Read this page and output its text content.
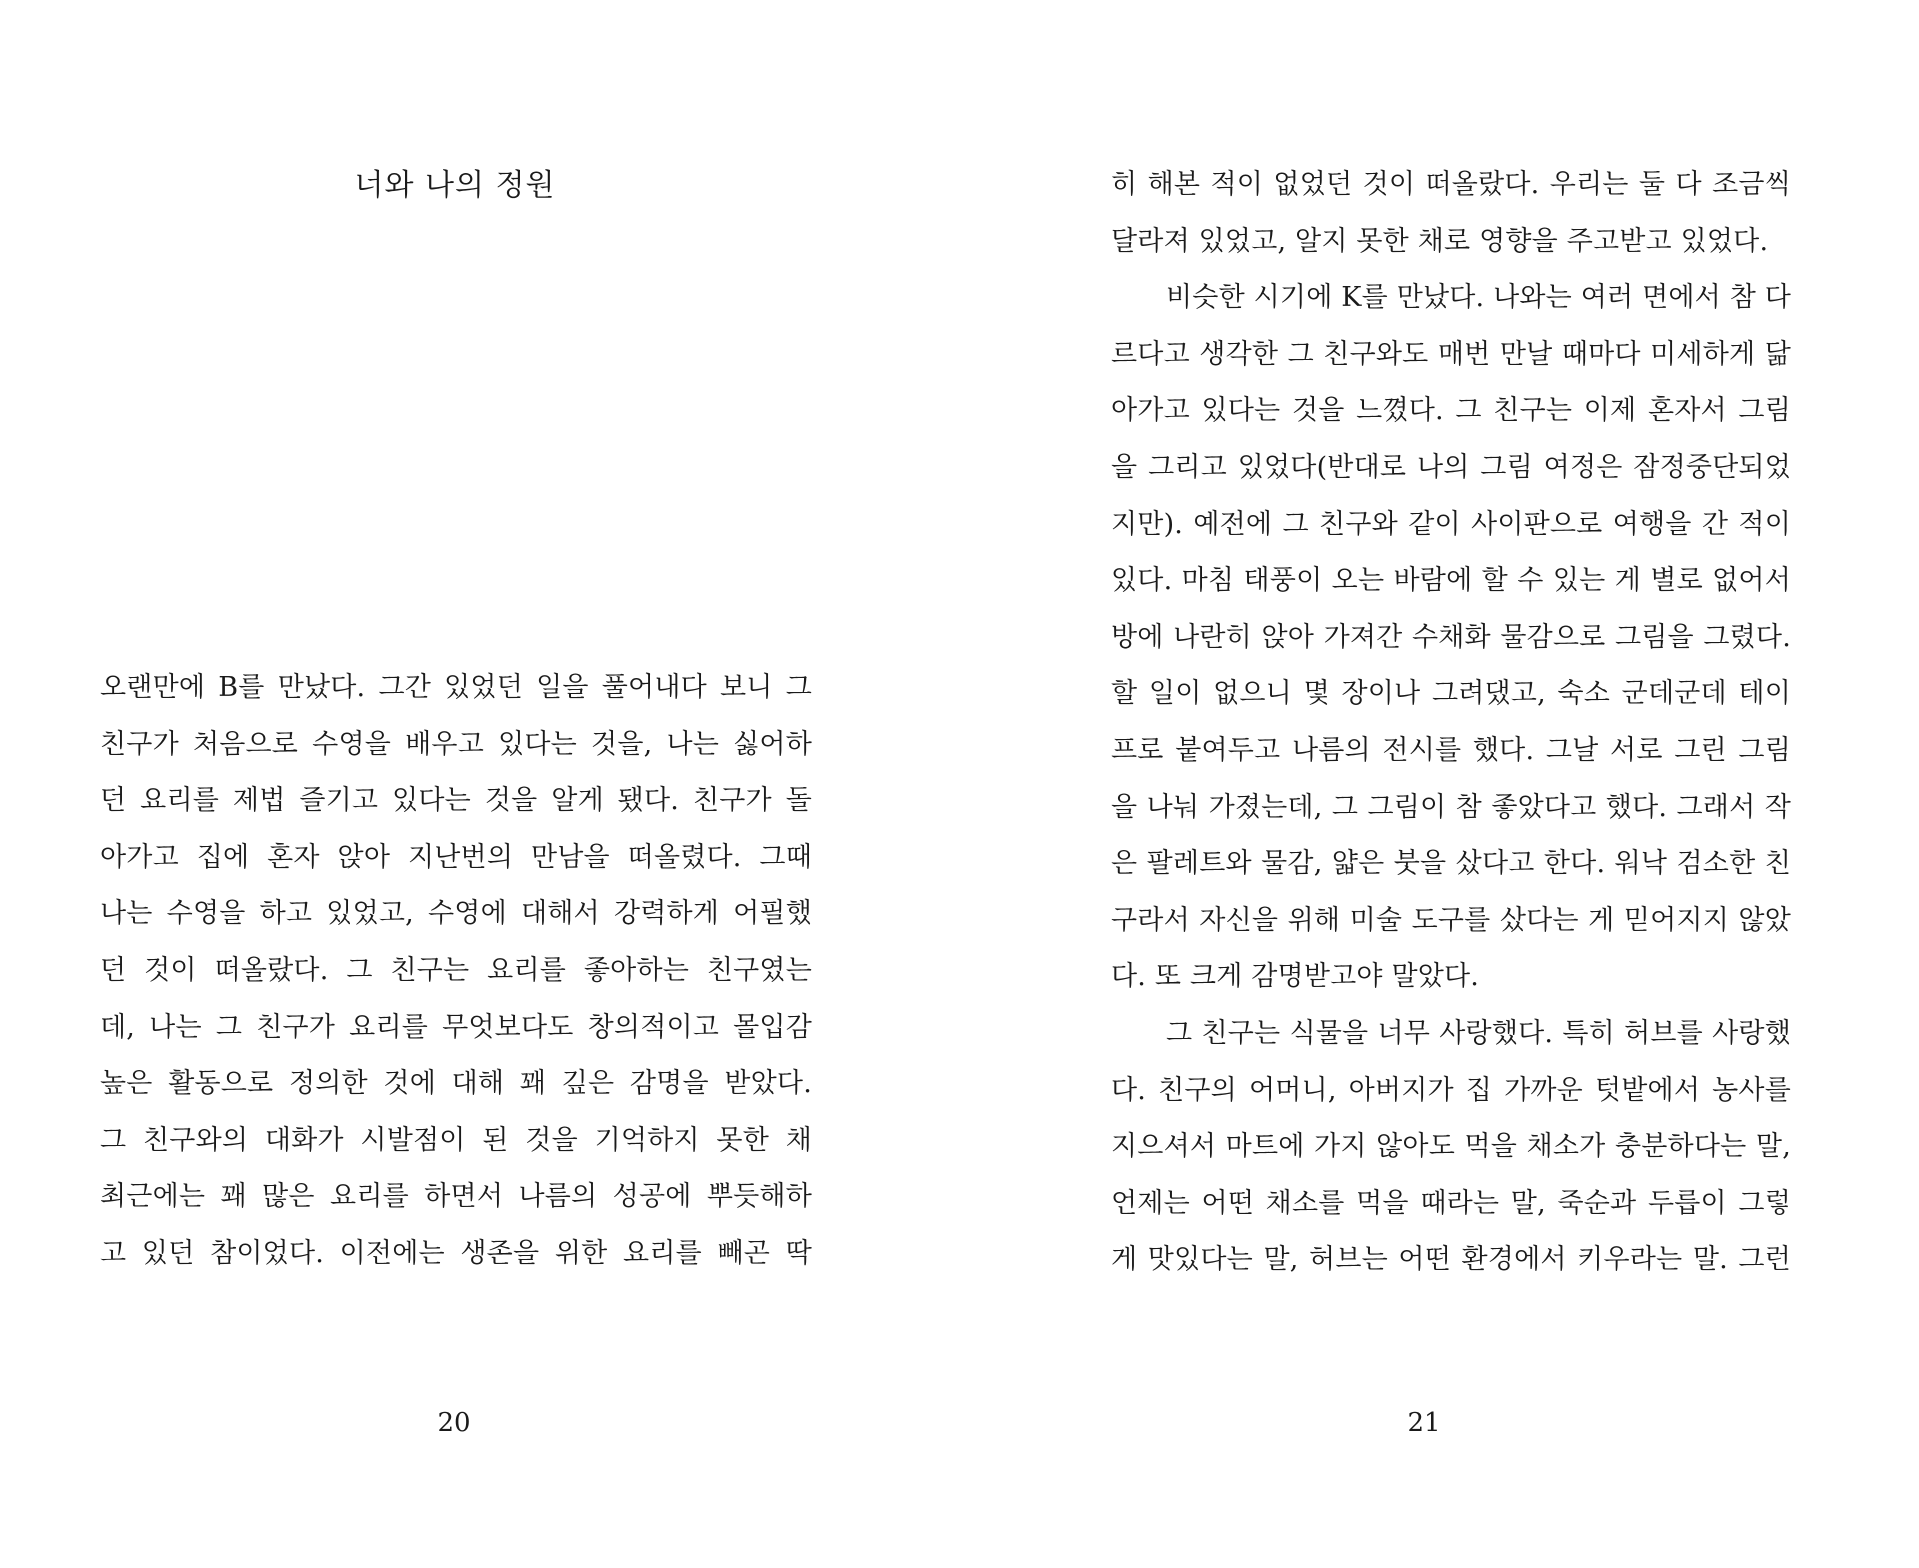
너와 나의 정원
오랜만에 B를 만났다. 그간 있었던 일을 풀어내다 보니 그
친구가 처음으로 수영을 배우고 있다는 것을, 나는 싫어하
던 요리를 제법 즐기고 있다는 것을 알게 됐다. 친구가 돌
아가고 집에 혼자 앉아 지난번의 만남을 떠올렸다. 그때
나는 수영을 하고 있었고, 수영에 대해서 강력하게 어필했
던 것이 떠올랐다. 그 친구는 요리를 좋아하는 친구였는
데, 나는 그 친구가 요리를 무엇보다도 창의적이고 몰입감
높은 활동으로 정의한 것에 대해 꽤 깊은 감명을 받았다.
그 친구와의 대화가 시발점이 된 것을 기억하지 못한 채
최근에는 꽤 많은 요리를 하면서 나름의 성공에 뿌듯해하
고 있던 참이었다. 이전에는 생존을 위한 요리를 빼곤 딱
20
히 해본 적이 없었던 것이 떠올랐다. 우리는 둘 다 조금씩
달라져 있었고, 알지 못한 채로 영향을 주고받고 있었다.
비슷한 시기에 K를 만났다. 나와는 여러 면에서 참 다
르다고 생각한 그 친구와도 매번 만날 때마다 미세하게 닮
아가고 있다는 것을 느꼈다. 그 친구는 이제 혼자서 그림
을 그리고 있었다(반대로 나의 그림 여정은 잠정중단되었
지만). 예전에 그 친구와 같이 사이판으로 여행을 간 적이
있다. 마침 태풍이 오는 바람에 할 수 있는 게 별로 없어서
방에 나란히 앉아 가져간 수채화 물감으로 그림을 그렸다.
할 일이 없으니 몇 장이나 그려댔고, 숙소 군데군데 테이
프로 붙여두고 나름의 전시를 했다. 그날 서로 그린 그림
을 나눠 가졌는데, 그 그림이 참 좋았다고 했다. 그래서 작
은 팔레트와 물감, 얇은 붓을 샀다고 한다. 워낙 검소한 친
구라서 자신을 위해 미술 도구를 샀다는 게 믿어지지 않았
다. 또 크게 감명받고야 말았다.
그 친구는 식물을 너무 사랑했다. 특히 허브를 사랑했
다. 친구의 어머니, 아버지가 집 가까운 텃밭에서 농사를
지으셔서 마트에 가지 않아도 먹을 채소가 충분하다는 말,
언제는 어떤 채소를 먹을 때라는 말, 죽순과 두릅이 그렇
게 맛있다는 말, 허브는 어떤 환경에서 키우라는 말. 그런
21
